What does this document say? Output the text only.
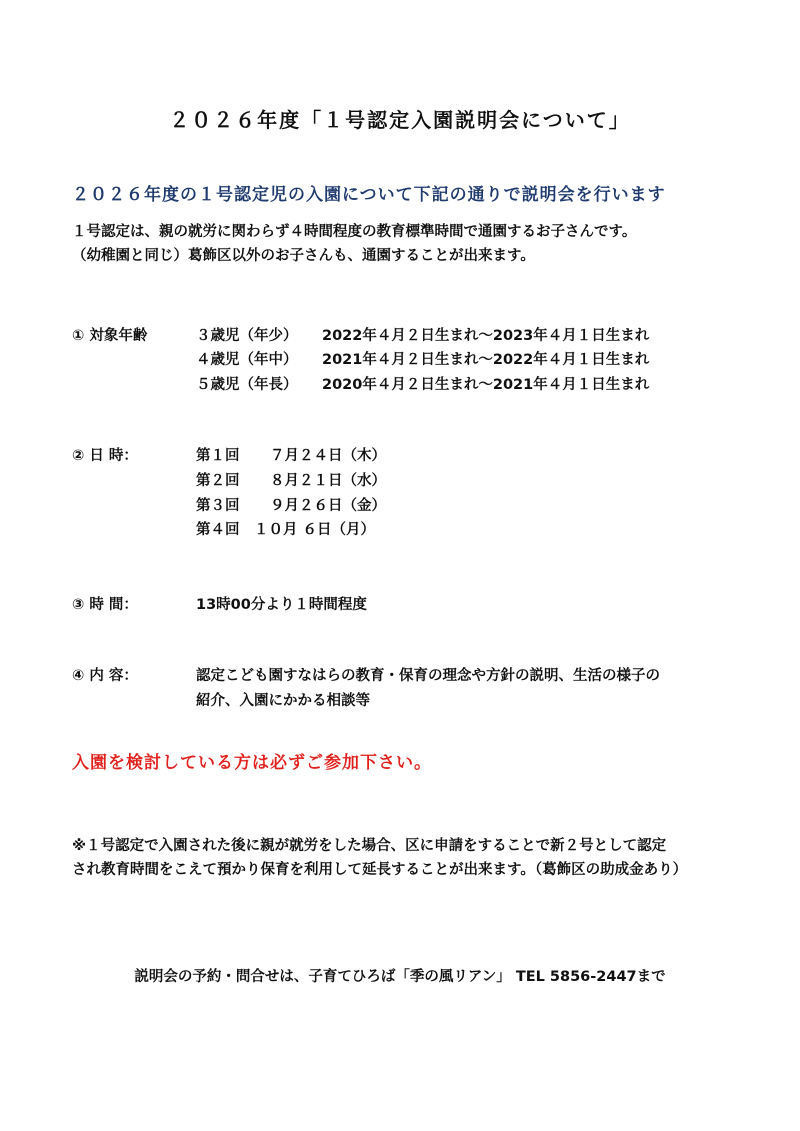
２０２６年度「１号認定入園説明会について」
２０２６年度の１号認定児の入園について下記の通りで説明会を行います
１号認定は、親の就労に関わらず４時間程度の教育標準時間で通園するお子さんです。
（幼稚園と同じ）葛飾区以外のお子さんも、通園することが出来ます。
① 対象年齢	３歳児（年少） 2022年４月２日生まれ～2023年４月１日生まれ
４歳児（年中） 2021年４月２日生まれ～2022年４月１日生まれ
５歳児（年長） 2020年４月２日生まれ～2021年４月１日生まれ
② 日 時：	第１回 ７月２４日（木）
第２回 ８月２１日（水）
第３回 ９月２６日（金）
第４回 １０月 ６日（月）
③ 時 間：	13時00分より１時間程度
④ 内 容：	認定こども園すなはらの教育・保育の理念や方針の説明、生活の様子の
紹介、入園にかかる相談等
入園を検討している方は必ずご参加下さい。
※１号認定で入園された後に親が就労をした場合、区に申請をすることで新２号として認定
され教育時間をこえて預かり保育を利用して延長することが出来ます。（葛飾区の助成金あり）
説明会の予約・問合せは、子育てひろば「季の風リアン」 TEL 5856-2447まで
